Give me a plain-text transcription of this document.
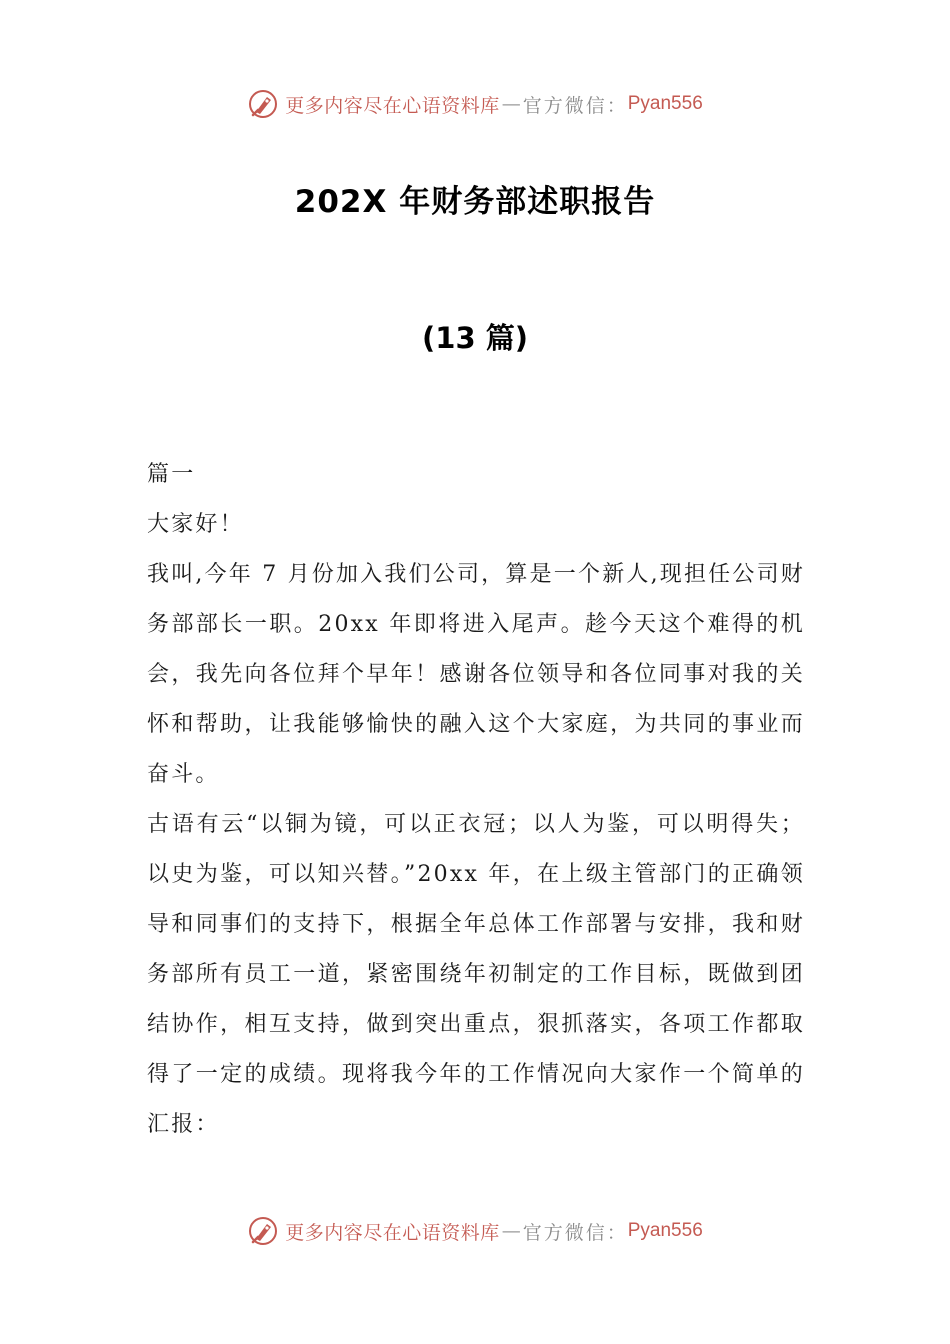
更多内容尽在心语资料库 — 官方微信： Pyan556
202X 年财务部述职报告
(13 篇)

篇一

大家好！

我叫,今年 7 月份加入我们公司，算是一个新人,现担任公司财务部部长一职。20xx 年即将进入尾声。趁今天这个难得的机会，我先向各位拜个早年！感谢各位领导和各位同事对我的关怀和帮助，让我能够愉快的融入这个大家庭，为共同的事业而奋斗。

古语有云“以铜为镜，可以正衣冠；以人为鉴，可以明得失；以史为鉴，可以知兴替。”20xx 年，在上级主管部门的正确领导和同事们的支持下，根据全年总体工作部署与安排，我和财务部所有员工一道，紧密围绕年初制定的工作目标，既做到团结协作，相互支持，做到突出重点，狠抓落实，各项工作都取得了一定的成绩。现将我今年的工作情况向大家作一个简单的汇报：

更多内容尽在心语资料库 — 官方微信： Pyan556
